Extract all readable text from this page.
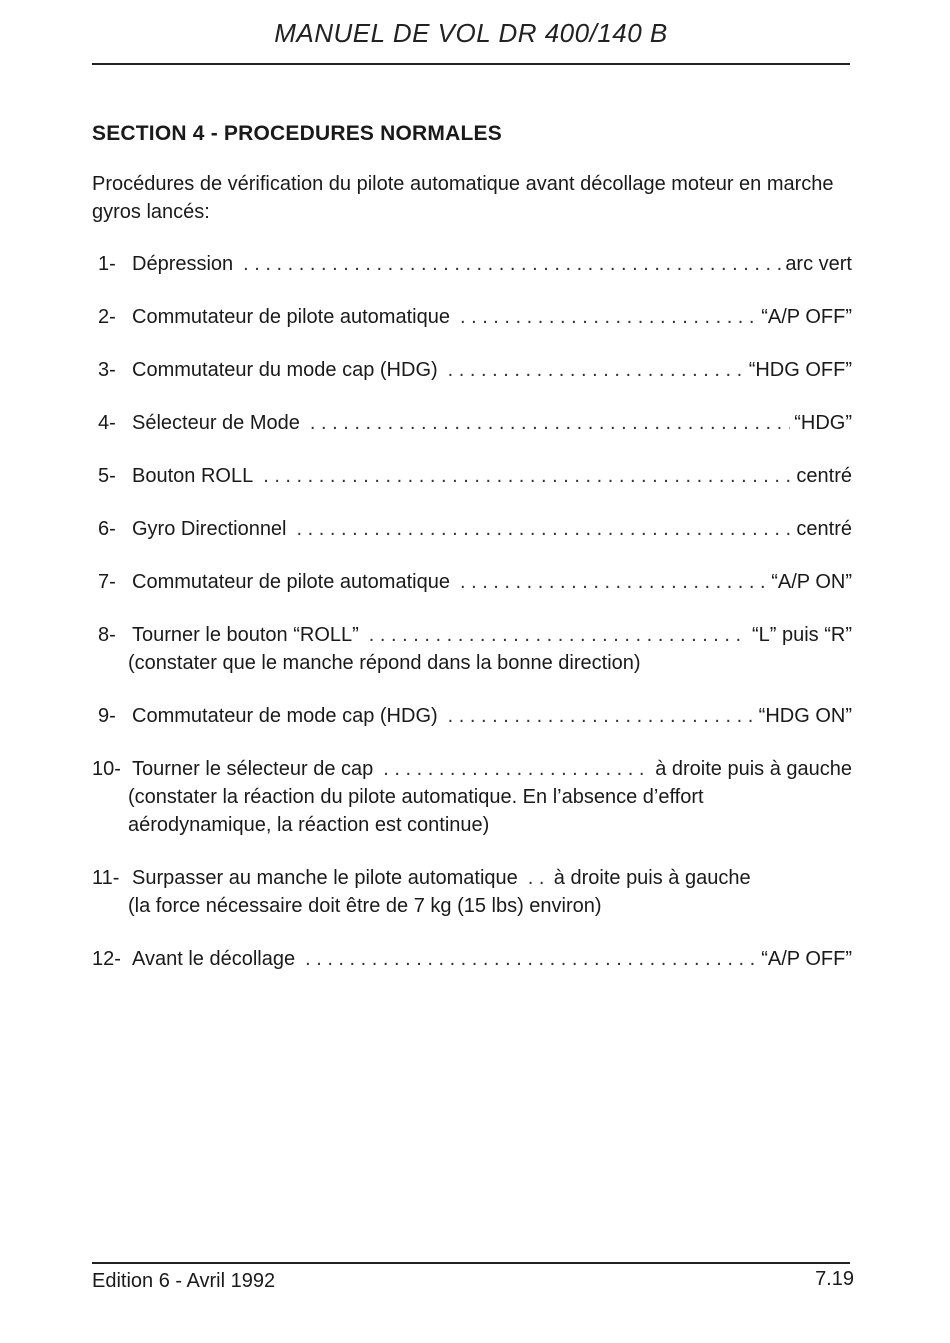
MANUEL DE VOL DR 400/140 B
SECTION 4 - PROCEDURES NORMALES
Procédures de vérification du pilote automatique avant décollage moteur en marche gyros lancés:
1- Dépression . . .	arc vert
2- Commutateur de pilote automatique . . .	“A/P OFF”
3- Commutateur du mode cap (HDG) . . .	“HDG OFF”
4- Sélecteur de Mode . . .	“HDG”
5- Bouton ROLL . . .	centré
6- Gyro Directionnel . . .	centré
7- Commutateur de pilote automatique . . .	“A/P ON”
8- Tourner le bouton “ROLL” . . .	“L” puis “R”
(constater que le manche répond dans la bonne direction)
9- Commutateur de mode cap (HDG) . . .	“HDG ON”
10- Tourner le sélecteur de cap . . .	à droite puis à gauche
(constater la réaction du pilote automatique. En l’absence d’effort aérodynamique, la réaction est continue)
11- Surpasser au manche le pilote automatique . . . à droite puis à gauche
(la force nécessaire doit être de 7 kg (15 lbs) environ)
12- Avant le décollage . . .	“A/P OFF”
Edition 6 - Avril 1992	7.19
